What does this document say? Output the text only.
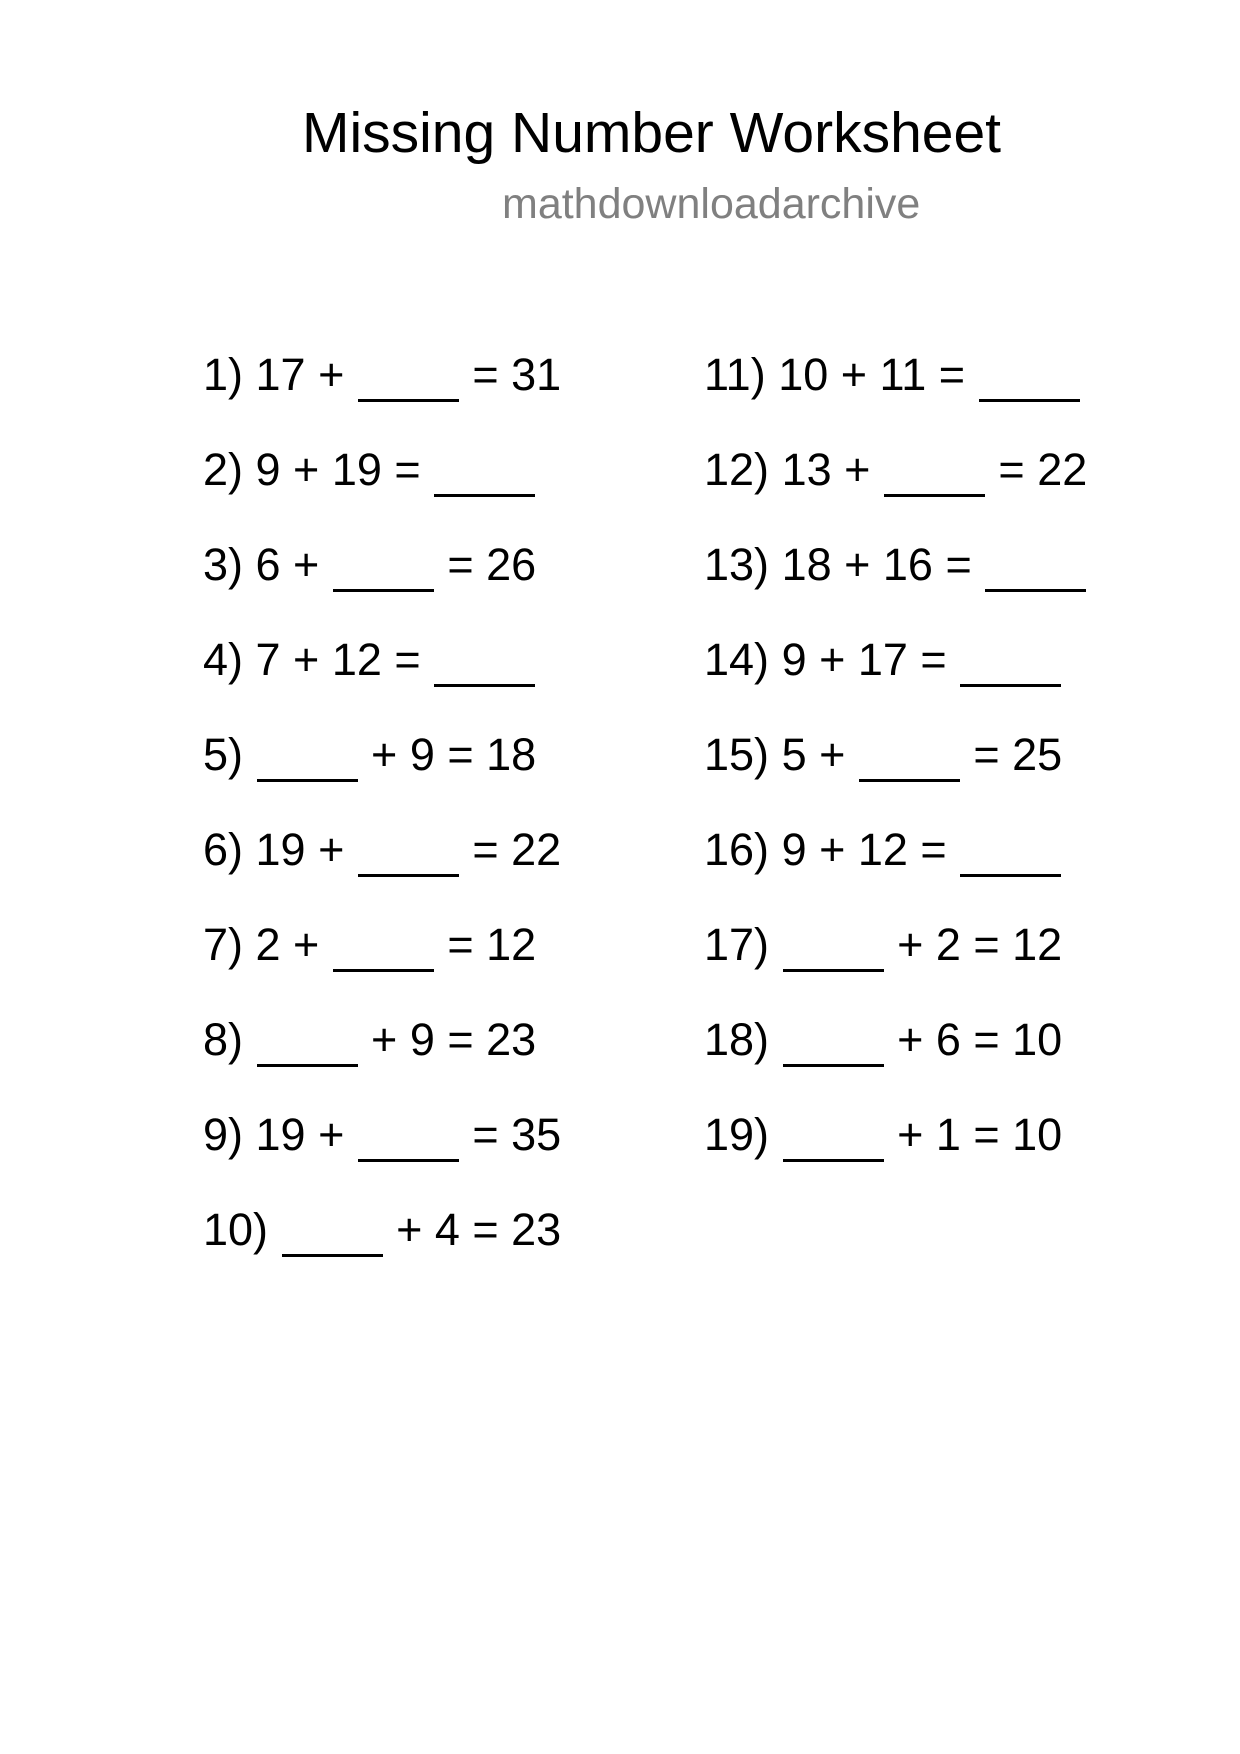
Missing Number Worksheet
mathdownloadarchive
1) 17 +  = 31
2) 9 + 19 =
3) 6 +  = 26
4) 7 + 12 =
5)	+ 9 = 18
6) 19 +  = 22
7) 2 +  = 12
8)	+ 9 = 23
9) 19 +  = 35
10)	+ 4 = 23
11) 10 + 11 =
12) 13 +  = 22
13) 18 + 16 =
14) 9 + 17 =
15) 5 +  = 25
16) 9 + 12 =
17)	+ 2 = 12
18)	+ 6 = 10
19)	+ 1 = 10
